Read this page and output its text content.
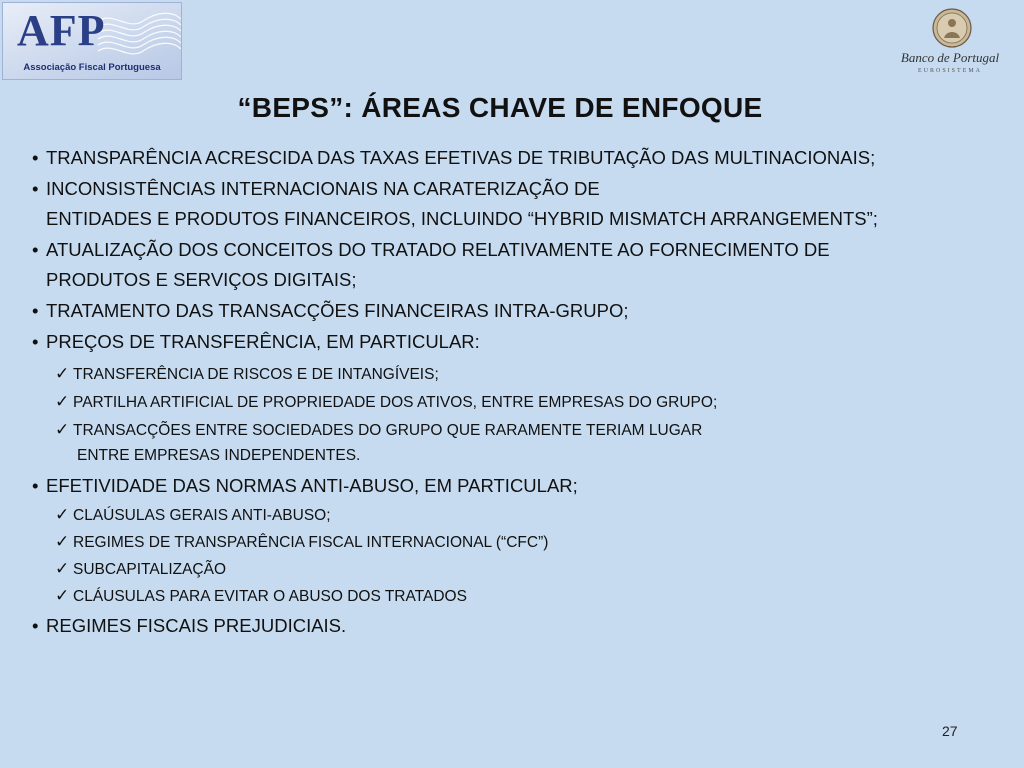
AFP
Associação Fiscal Portuguesa
Banco de Portugal
EUROSISTEMA
“BEPS”: ÁREAS CHAVE DE ENFOQUE
• TRANSPARÊNCIA ACRESCIDA DAS TAXAS EFETIVAS DE TRIBUTAÇÃO DAS MULTINACIONAIS;
• INCONSISTÊNCIAS INTERNACIONAIS NA CARATERIZAÇÃO DE
ENTIDADES E PRODUTOS FINANCEIROS, INCLUINDO “HYBRID MISMATCH ARRANGEMENTS”;
• ATUALIZAÇÃO DOS CONCEITOS DO TRATADO RELATIVAMENTE AO FORNECIMENTO DE
PRODUTOS E SERVIÇOS DIGITAIS;
• TRATAMENTO DAS TRANSACÇÕES FINANCEIRAS INTRA-GRUPO;
• PREÇOS DE TRANSFERÊNCIA, EM PARTICULAR:
✓ TRANSFERÊNCIA DE RISCOS E DE INTANGÍVEIS;
✓ PARTILHA ARTIFICIAL DE PROPRIEDADE DOS ATIVOS, ENTRE EMPRESAS DO GRUPO;
✓ TRANSACÇÕES ENTRE SOCIEDADES DO GRUPO QUE RARAMENTE TERIAM LUGAR
ENTRE EMPRESAS INDEPENDENTES.
• EFETIVIDADE DAS NORMAS ANTI-ABUSO, EM PARTICULAR;
✓ CLAÚSULAS GERAIS ANTI-ABUSO;
✓ REGIMES DE TRANSPARÊNCIA FISCAL INTERNACIONAL (“CFC”)
✓ SUBCAPITALIZAÇÃO
✓ CLÁUSULAS PARA EVITAR O ABUSO DOS TRATADOS
• REGIMES FISCAIS PREJUDICIAIS.
27
